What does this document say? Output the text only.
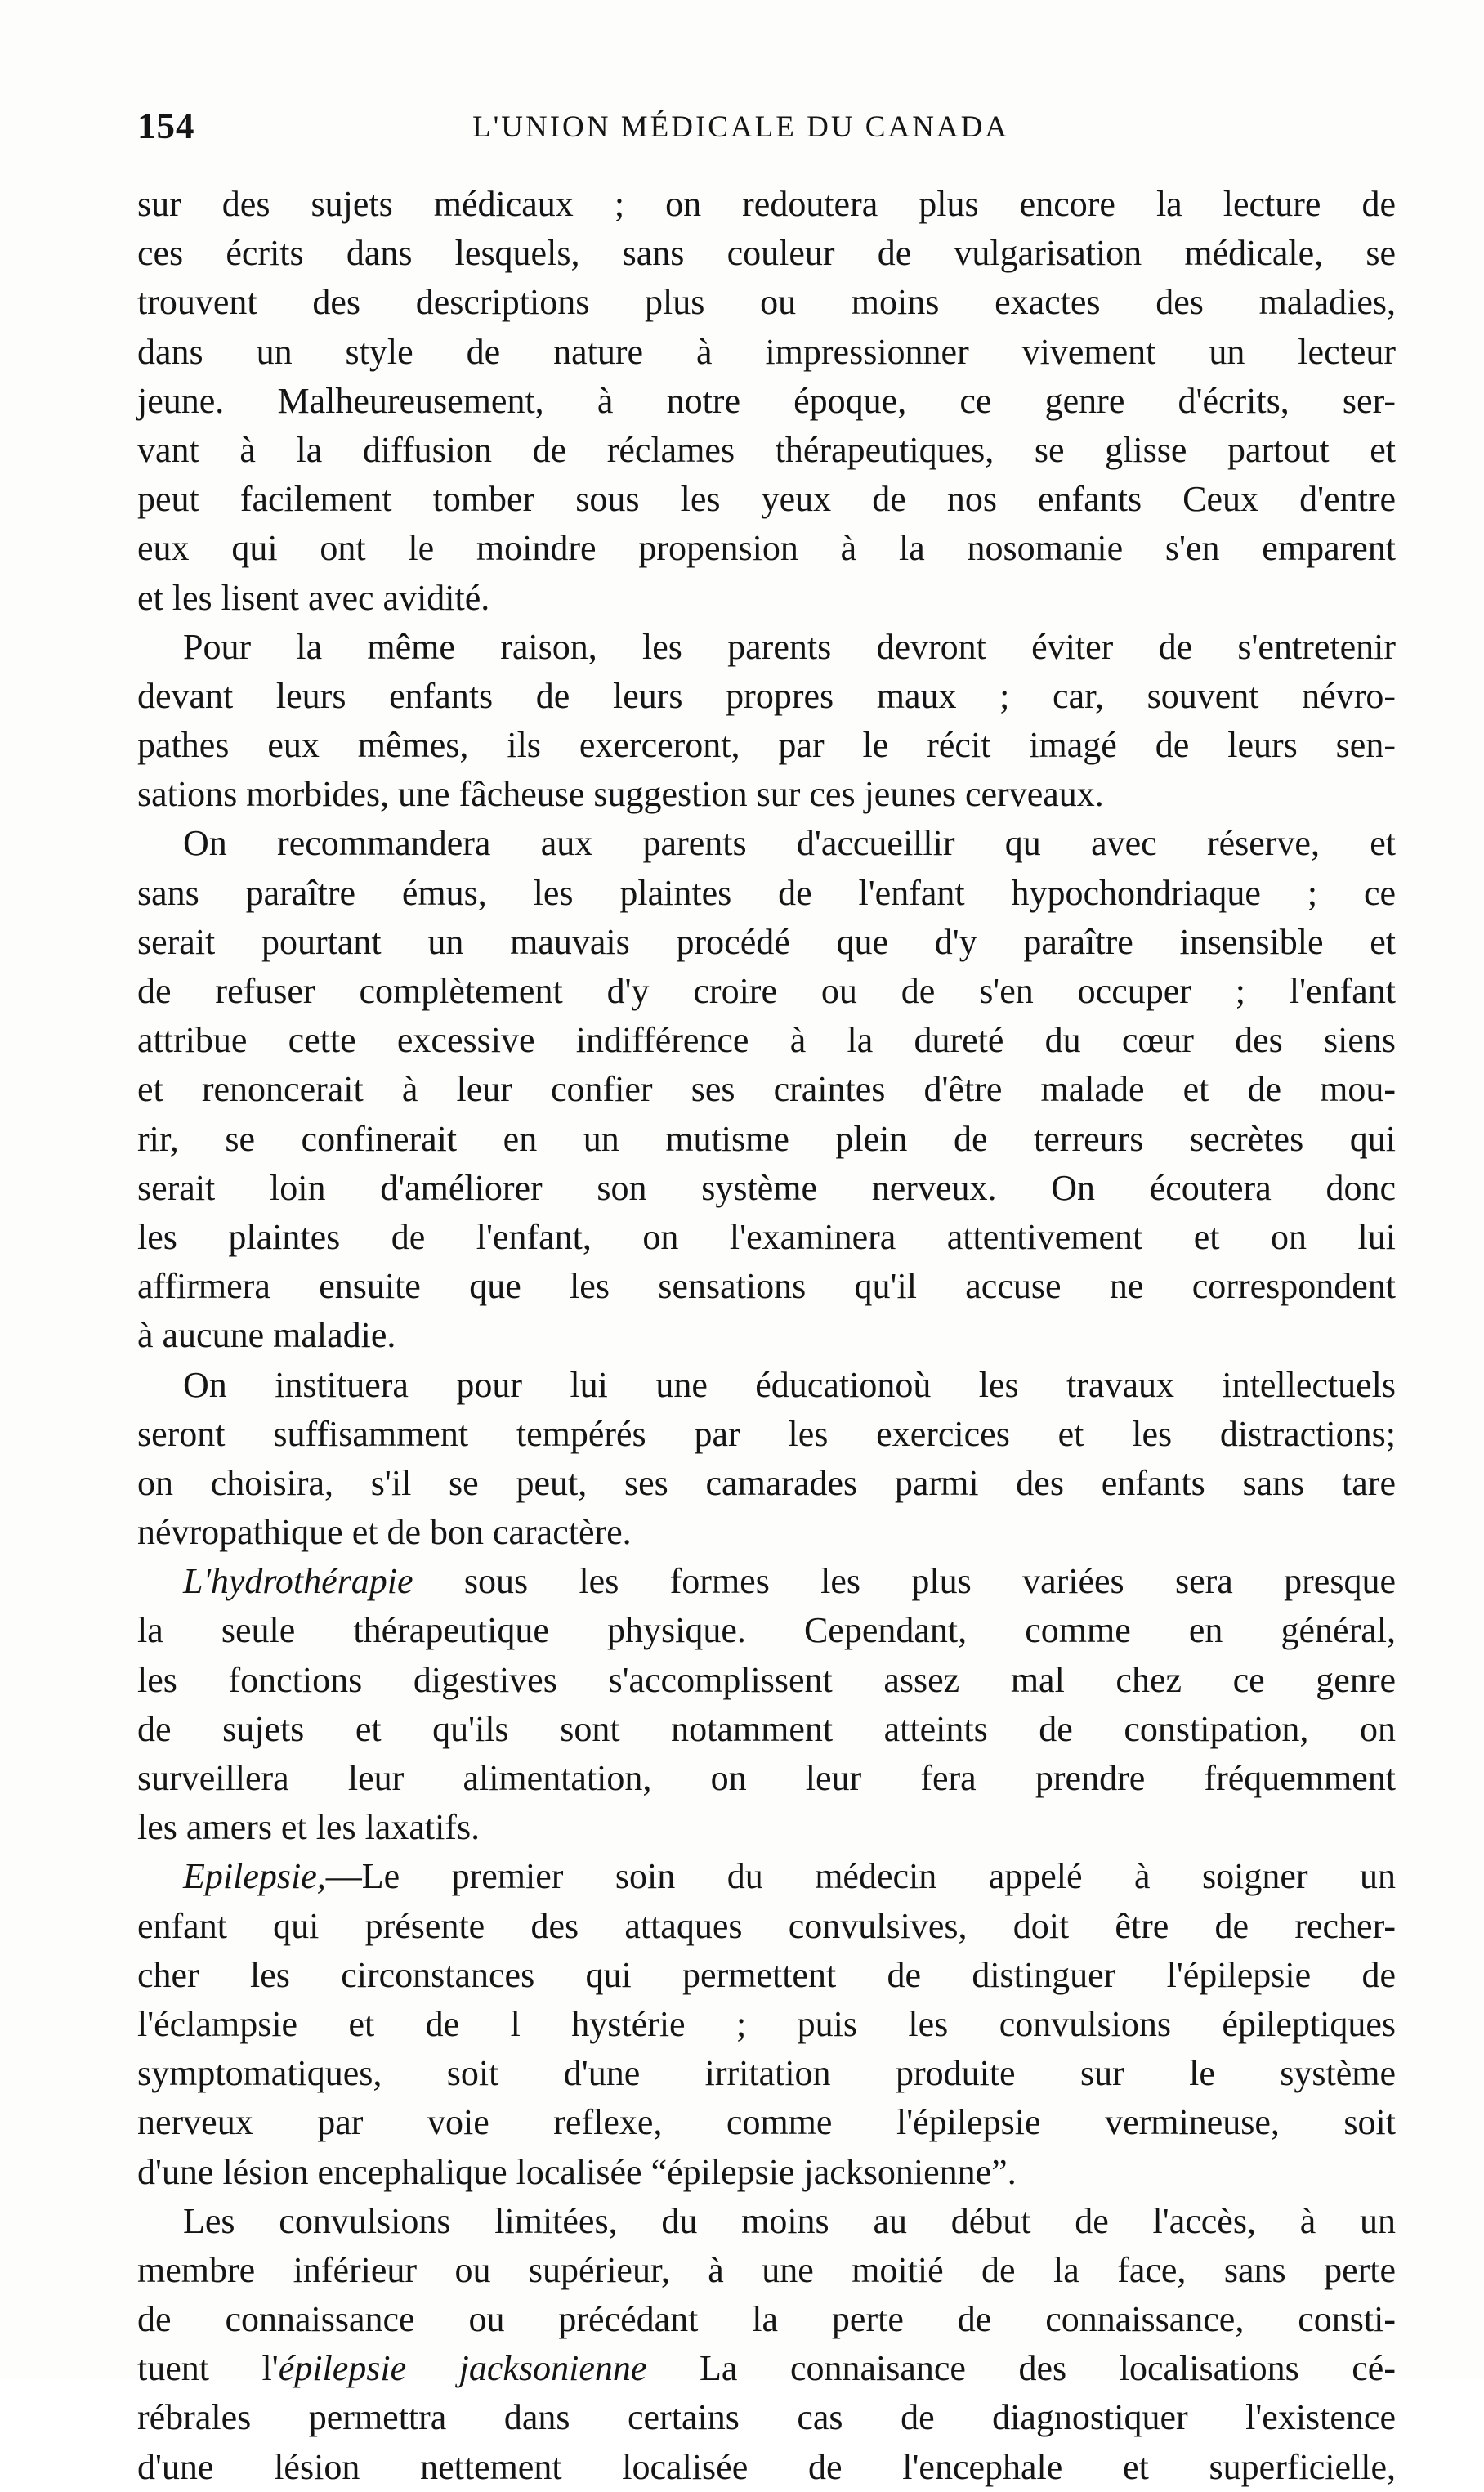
154	L'UNION MÉDICALE DU CANADA
sur des sujets médicaux ; on redoutera plus encore la lecture de
ces écrits dans lesquels, sans couleur de vulgarisation médicale, se
trouvent des descriptions plus ou moins exactes des maladies,
dans un style de nature à impressionner vivement un lecteur
jeune. Malheureusement, à notre époque, ce genre d'écrits, ser-
vant à la diffusion de réclames thérapeutiques, se glisse partout et
peut facilement tomber sous les yeux de nos enfants Ceux d'entre
eux qui ont le moindre propension à la nosomanie s'en emparent
et les lisent avec avidité.
Pour la même raison, les parents devront éviter de s'entretenir
devant leurs enfants de leurs propres maux ; car, souvent névro-
pathes eux mêmes, ils exerceront, par le récit imagé de leurs sen-
sations morbides, une fâcheuse suggestion sur ces jeunes cerveaux.
On recommandera aux parents d'accueillir qu avec réserve, et
sans paraître émus, les plaintes de l'enfant hypochondriaque ; ce
serait pourtant un mauvais procédé que d'y paraître insensible et
de refuser complètement d'y croire ou de s'en occuper ; l'enfant
attribue cette excessive indifférence à la dureté du cœur des siens
et renoncerait à leur confier ses craintes d'être malade et de mou-
rir, se confinerait en un mutisme plein de terreurs secrètes qui
serait loin d'améliorer son système nerveux. On écoutera donc
les plaintes de l'enfant, on l'examinera attentivement et on lui
affirmera ensuite que les sensations qu'il accuse ne correspondent
à aucune maladie.
On instituera pour lui une éducationoù les travaux intellectuels
seront suffisamment tempérés par les exercices et les distractions;
on choisira, s'il se peut, ses camarades parmi des enfants sans tare
névropathique et de bon caractère.
L'hydrothérapie sous les formes les plus variées sera presque
la seule thérapeutique physique. Cependant, comme en général,
les fonctions digestives s'accomplissent assez mal chez ce genre
de sujets et qu'ils sont notamment atteints de constipation, on
surveillera leur alimentation, on leur fera prendre fréquemment
les amers et les laxatifs.
Epilepsie,—Le premier soin du médecin appelé à soigner un
enfant qui présente des attaques convulsives, doit être de recher-
cher les circonstances qui permettent de distinguer l'épilepsie de
l'éclampsie et de l hystérie ; puis les convulsions épileptiques
symptomatiques, soit d'une irritation produite sur le système
nerveux par voie reflexe, comme l'épilepsie vermineuse, soit
d'une lésion encephalique localisée “épilepsie jacksonienne”.
Les convulsions limitées, du moins au début de l'accès, à un
membre inférieur ou supérieur, à une moitié de la face, sans perte
de connaissance ou précédant la perte de connaissance, consti-
tuent l'épilepsie jacksonienne La connaisance des localisations cé-
rébrales permettra dans certains cas de diagnostiquer l'existence
d'une lésion nettement localisée de l'encephale et superficielle,
